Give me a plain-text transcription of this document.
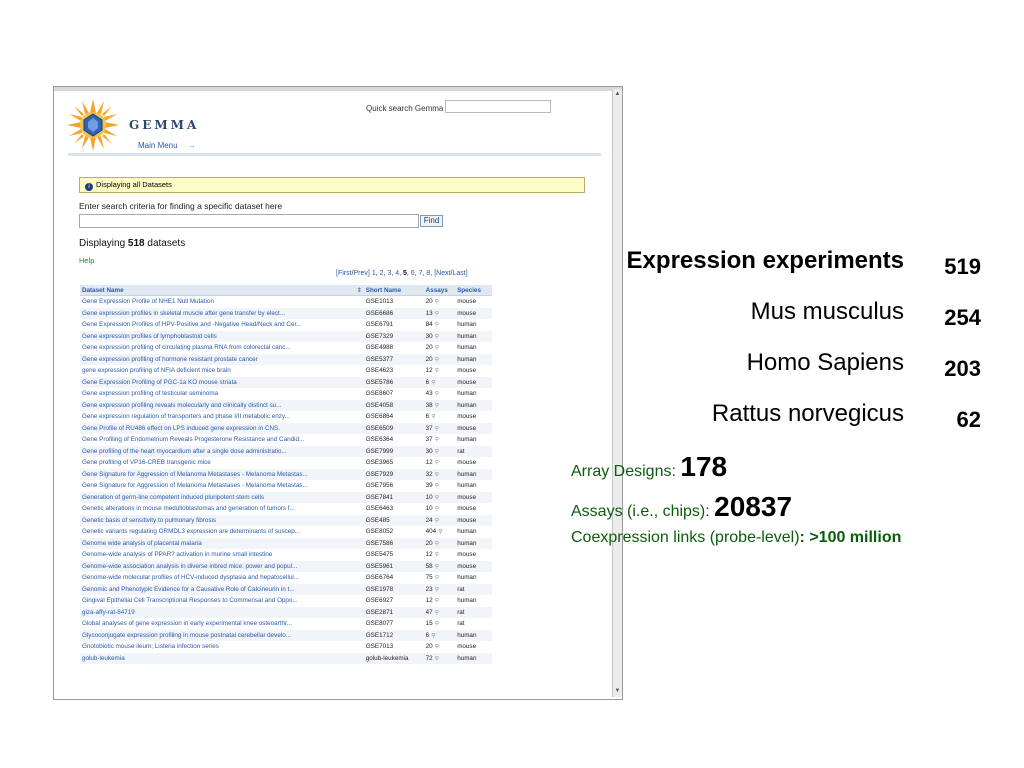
GEMMA
Main Menu →
Quick search Gemma
i Displaying all Datasets
Enter search criteria for finding a specific dataset here
Find
Displaying 518 datasets
Help
[First/Prev] 1, 2, 3, 4, 5, 6, 7, 8, [Next/Last]
Dataset Name ⇕	Short Name	Assays	Species
Gene Expression Profile of NHE1 Null Mutation	GSE1013	20 ⚲	mouse
Gene expression profiles in skeletal muscle after gene transfer by elect...	GSE6686	13 ⚲	mouse
Gene Expression Profiles of HPV-Positive and -Negative Head/Neck and Cer...	GSE6791	84 ⚲	human
Gene expression profiles of lymphoblastoid cells	GSE7329	30 ⚲	human
Gene expression profiling of circulating plasma RNA from colorectal canc...	GSE4988	20 ⚲	human
Gene expression profiling of hormone resistant prostate cancer	GSE5377	20 ⚲	human
gene expression profiling of NFIA deficient mice brain	GSE4623	12 ⚲	mouse
Gene Expression Profiling of PGC-1a KO mouse striata	GSE5786	6 ⚲	mouse
Gene expression profiling of testicular seminoma	GSE8607	43 ⚲	human
Gene expression profiling reveals molecularly and clinically distinct su...	GSE4058	38 ⚲	human
Gene expression regulation of transporters and phase I/II metabolic enzy...	GSE6864	6 ⚲	mouse
Gene Profile of RU486 effect on LPS induced gene expression in CNS.	GSE6509	37 ⚲	mouse
Gene Profiling of Endometrium Reveals Progesterone Resistance and Candid...	GSE6364	37 ⚲	human
Gene profiling of the heart myocardium after a single dose administratio...	GSE7999	30 ⚲	rat
Gene profiling of VP16-CREB transgenic mice	GSE3965	12 ⚲	mouse
Gene Signature for Aggression of Melanoma Metastases - Melanoma Metastas...	GSE7929	32 ⚲	human
Gene Signature for Aggression of Melanoma Metastases - Melanoma Metastas...	GSE7956	39 ⚲	human
Generation of germ-line competent induced pluripotent stem cells	GSE7841	10 ⚲	mouse
Genetic alterations in mouse medulloblastomas and generation of tumors f...	GSE6463	10 ⚲	mouse
Genetic basis of sensitivity to pulmonary fibrosis	GSE485	24 ⚲	mouse
Genetic variants regulating ORMDL3 expression are determinants of suscep...	GSE8052	404 ⚲	human
Genome wide analysis of placental malaria	GSE7586	20 ⚲	human
Genome-wide analysis of PPAR? activation in murine small intestine	GSE5475	12 ⚲	mouse
Genome-wide association analysis in diverse inbred mice: power and popul...	GSE5961	58 ⚲	mouse
Genome-wide molecular profiles of HCV-induced dysplasia and hepatocellul...	GSE6764	75 ⚲	human
Genomic and Phenotypic Evidence for a Causative Role of Calcineurin in t...	GSE1978	23 ⚲	rat
Gingival Epithelial Cell Transcriptional Responses to Commensal and Oppo...	GSE6927	12 ⚲	human
giza-affy-rat-84719	GSE2871	47 ⚲	rat
Global analyses of gene expression in early experimental knee osteoarthr...	GSE8077	15 ⚲	rat
Glycoconjugate expression profiling in mouse postnatal cerebellar develo...	GSE1712	6 ⚲	human
Gnotobiotic mouse ileum; Listeria infection series	GSE7013	20 ⚲	mouse
golub-leukemia	golub-leukemia	72 ⚲	human
▲
▼
Expression experiments	519
Mus musculus	254
Homo Sapiens	203
Rattus norvegicus	62
Array Designs: 178
Assays (i.e., chips): 20837
Coexpression links (probe-level): >100 million
